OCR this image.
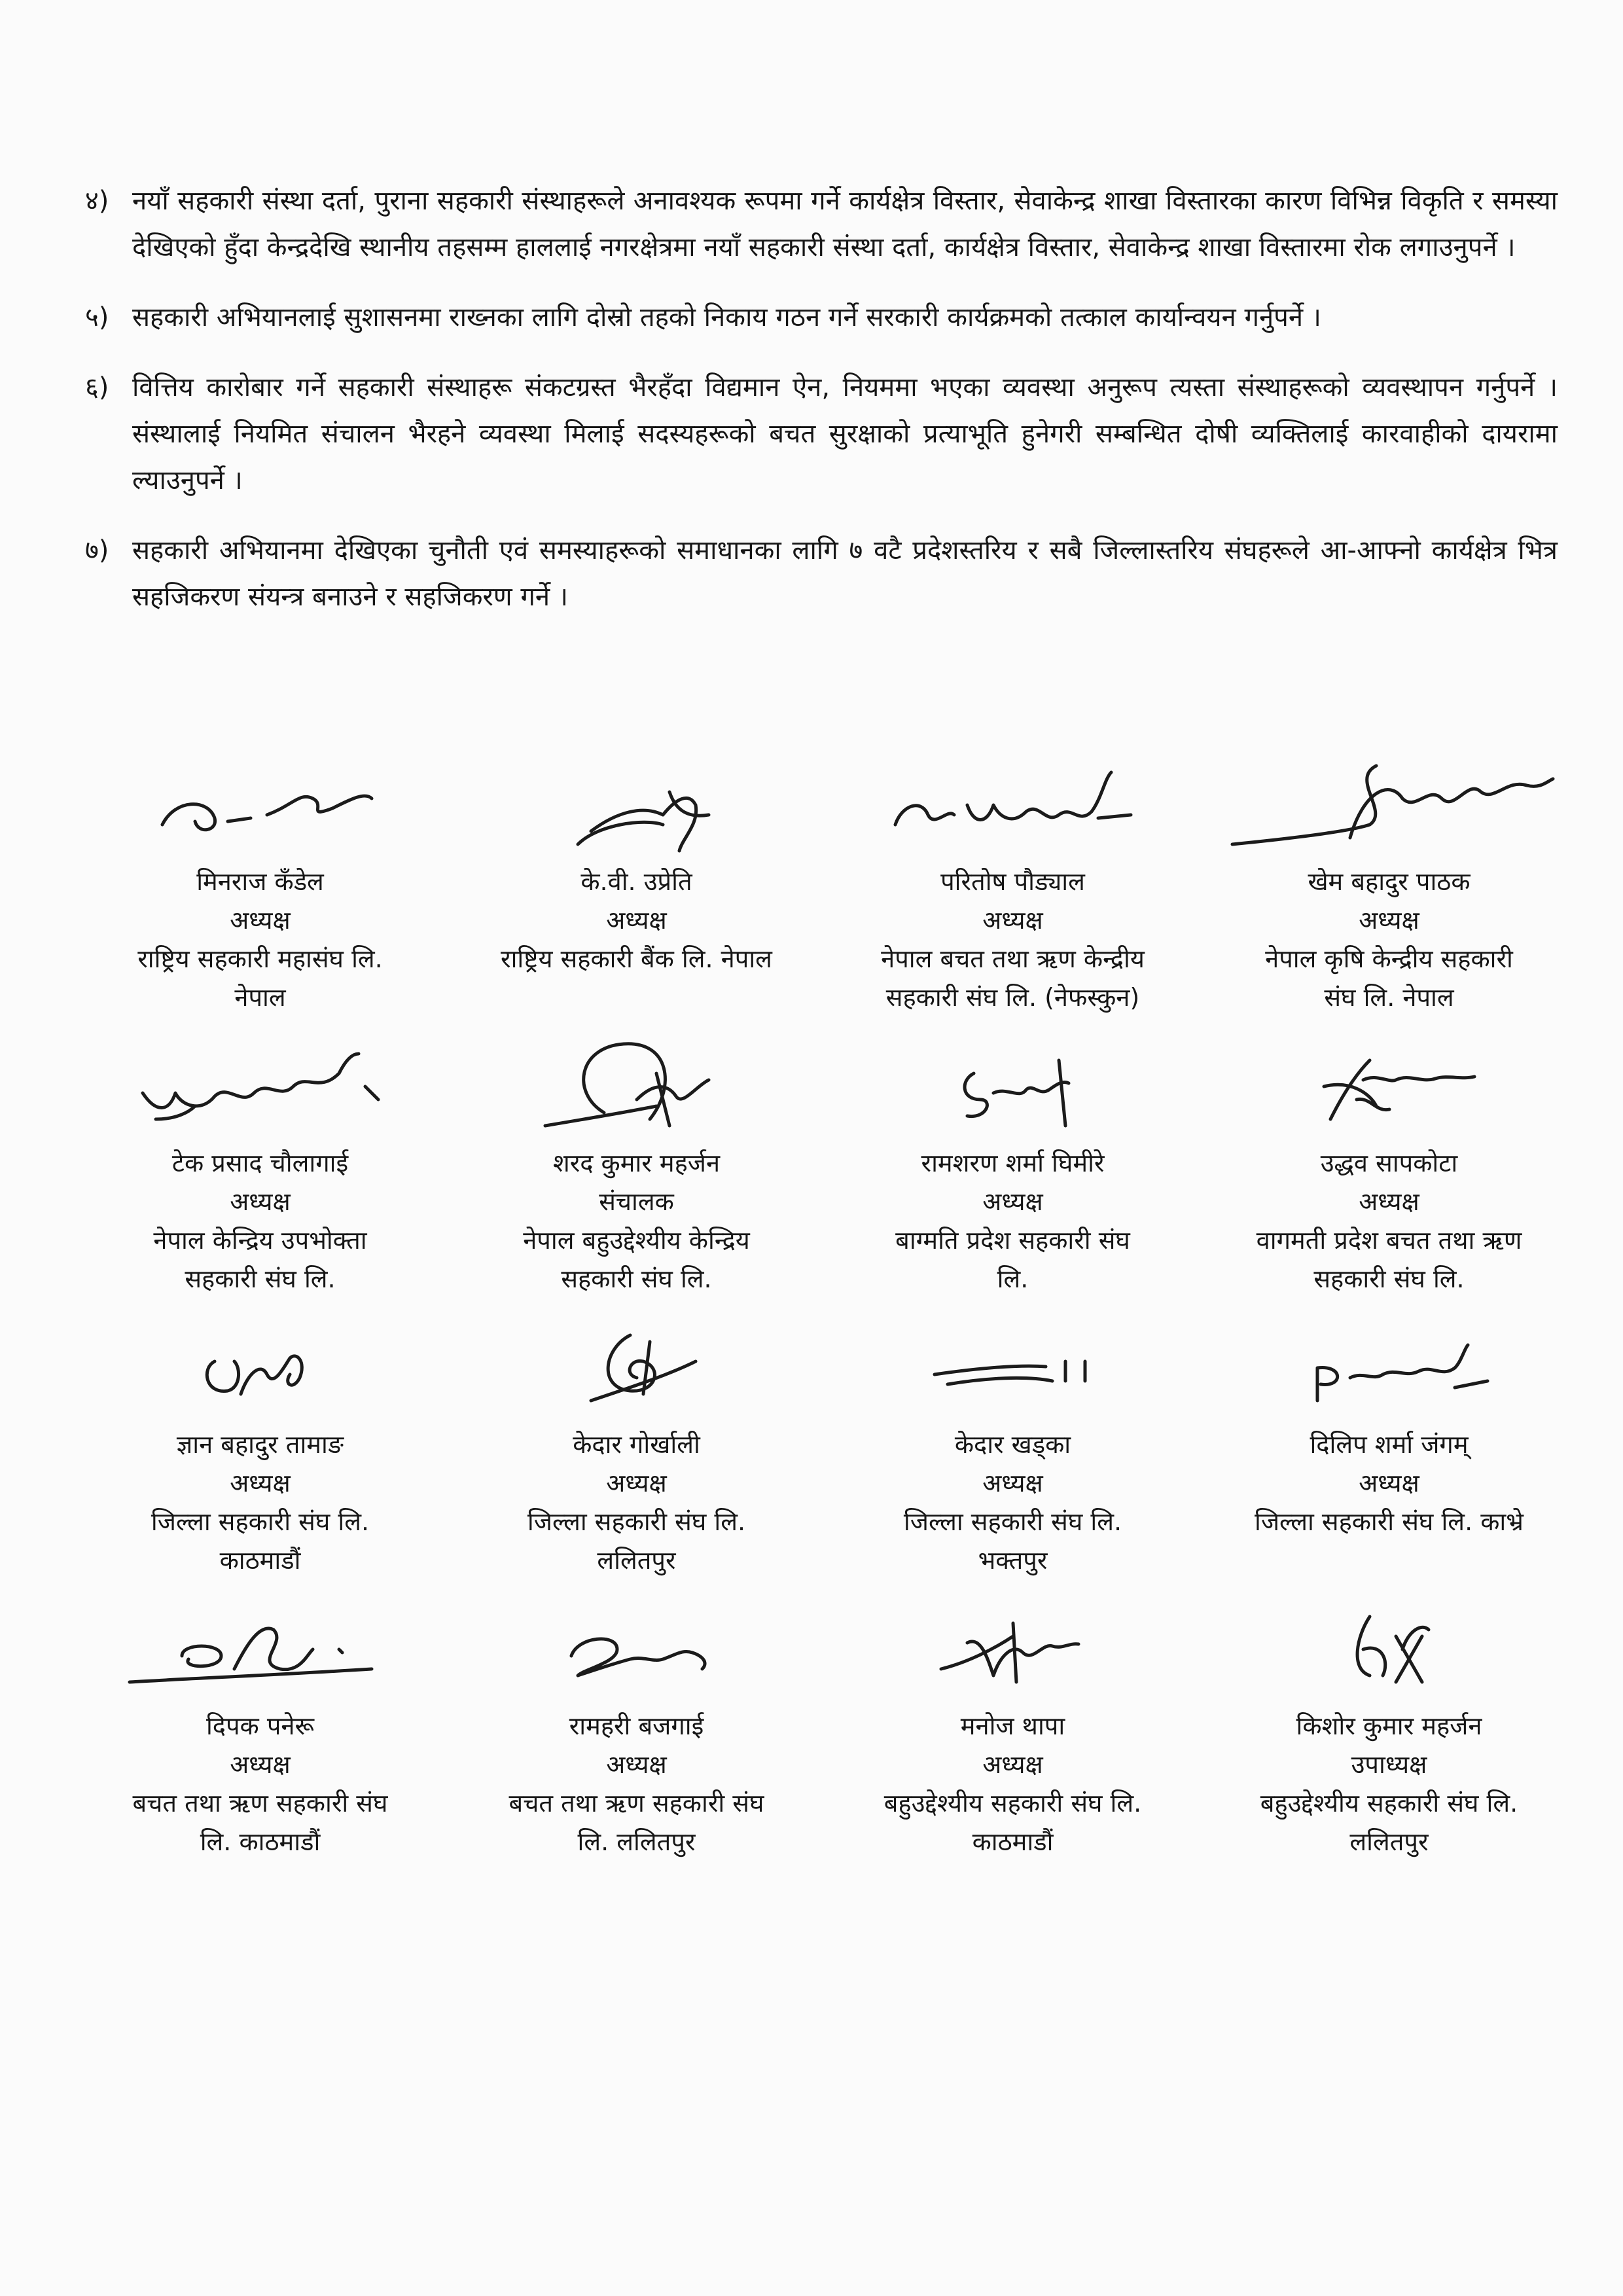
४) नयाँ सहकारी संस्था दर्ता, पुराना सहकारी संस्थाहरूले अनावश्यक रूपमा गर्ने कार्यक्षेत्र विस्तार, सेवाकेन्द्र शाखा विस्तारका कारण विभिन्न विकृति र समस्या देखिएको हुँदा केन्द्रदेखि स्थानीय तहसम्म हाललाई नगरक्षेत्रमा नयाँ सहकारी संस्था दर्ता, कार्यक्षेत्र विस्तार, सेवाकेन्द्र शाखा विस्तारमा रोक लगाउनुपर्ने ।
५) सहकारी अभियानलाई सुशासनमा राख्नका लागि दोस्रो तहको निकाय गठन गर्ने सरकारी कार्यक्रमको तत्काल कार्यान्वयन गर्नुपर्ने ।
६) वित्तिय कारोबार गर्ने सहकारी संस्थाहरू संकटग्रस्त भैरहँदा विद्यमान ऐन, नियममा भएका व्यवस्था अनुरूप त्यस्ता संस्थाहरूको व्यवस्थापन गर्नुपर्ने । संस्थालाई नियमित संचालन भैरहने व्यवस्था मिलाई सदस्यहरूको बचत सुरक्षाको प्रत्याभूति हुनेगरी सम्बन्धित दोषी व्यक्तिलाई कारवाहीको दायरामा ल्याउनुपर्ने ।
७) सहकारी अभियानमा देखिएका चुनौती एवं समस्याहरूको समाधानका लागि ७ वटै प्रदेशस्तरिय र सबै जिल्लास्तरिय संघहरूले आ-आफ्नो कार्यक्षेत्र भित्र सहजिकरण संयन्त्र बनाउने र सहजिकरण गर्ने ।
मिनराज कँडेल
अध्यक्ष
राष्ट्रिय सहकारी महासंघ लि.
नेपाल
के.वी. उप्रेति
अध्यक्ष
राष्ट्रिय सहकारी बैंक लि. नेपाल
परितोष पौड्याल
अध्यक्ष
नेपाल बचत तथा ऋण केन्द्रीय
सहकारी संघ लि. (नेफस्कुन)
खेम बहादुर पाठक
अध्यक्ष
नेपाल कृषि केन्द्रीय सहकारी
संघ लि. नेपाल
टेक प्रसाद चौलागाई
अध्यक्ष
नेपाल केन्द्रिय उपभोक्ता
सहकारी संघ लि.
शरद कुमार महर्जन
संचालक
नेपाल बहुउद्देश्यीय केन्द्रिय
सहकारी संघ लि.
रामशरण शर्मा घिमीरे
अध्यक्ष
बाग्मति प्रदेश सहकारी संघ
लि.
उद्धव सापकोटा
अध्यक्ष
वागमती प्रदेश बचत तथा ऋण
सहकारी संघ लि.
ज्ञान बहादुर तामाङ
अध्यक्ष
जिल्ला सहकारी संघ लि.
काठमाडौं
केदार गोर्खाली
अध्यक्ष
जिल्ला सहकारी संघ लि.
ललितपुर
केदार खड्का
अध्यक्ष
जिल्ला सहकारी संघ लि.
भक्तपुर
दिलिप शर्मा जंगम्
अध्यक्ष
जिल्ला सहकारी संघ लि. काभ्रे
दिपक पनेरू
अध्यक्ष
बचत तथा ऋण सहकारी संघ
लि. काठमाडौं
रामहरी बजगाई
अध्यक्ष
बचत तथा ऋण सहकारी संघ
लि. ललितपुर
मनोज थापा
अध्यक्ष
बहुउद्देश्यीय सहकारी संघ लि.
काठमाडौं
किशोर कुमार महर्जन
उपाध्यक्ष
बहुउद्देश्यीय सहकारी संघ लि.
ललितपुर
